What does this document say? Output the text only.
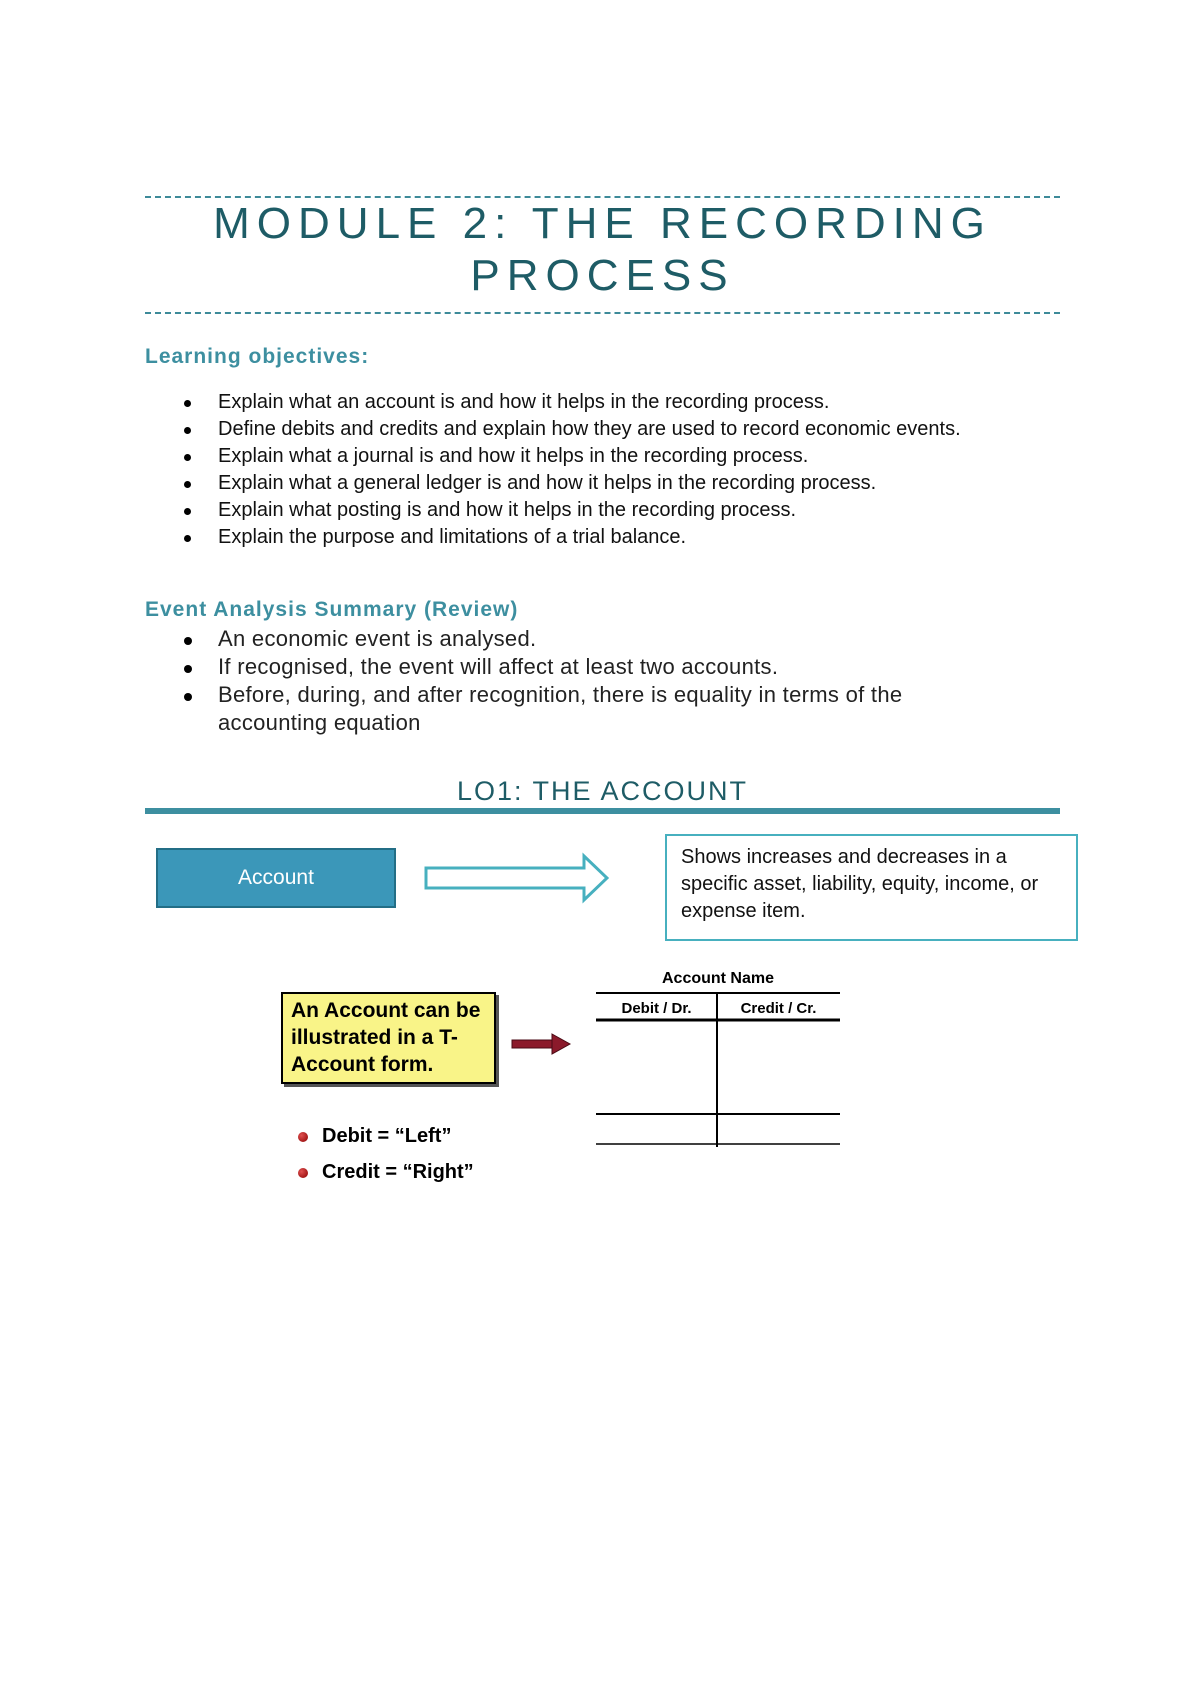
MODULE 2: THE RECORDING
PROCESS
Learning objectives:
Explain what an account is and how it helps in the recording process.
Define debits and credits and explain how they are used to record economic events.
Explain what a journal is and how it helps in the recording process.
Explain what a general ledger is and how it helps in the recording process.
Explain what posting is and how it helps in the recording process.
Explain the purpose and limitations of a trial balance.
Event Analysis Summary (Review)
An economic event is analysed.
If recognised, the event will affect at least two accounts.
Before, during, and after recognition, there is equality in terms of the accounting equation
LO1: THE ACCOUNT
Account
Shows increases and decreases in a specific asset, liability, equity, income, or expense item.
An Account can be illustrated in a T-Account form.
Debit = “Left”
Credit = “Right”
Account Name
Debit / Dr.	Credit / Cr.
